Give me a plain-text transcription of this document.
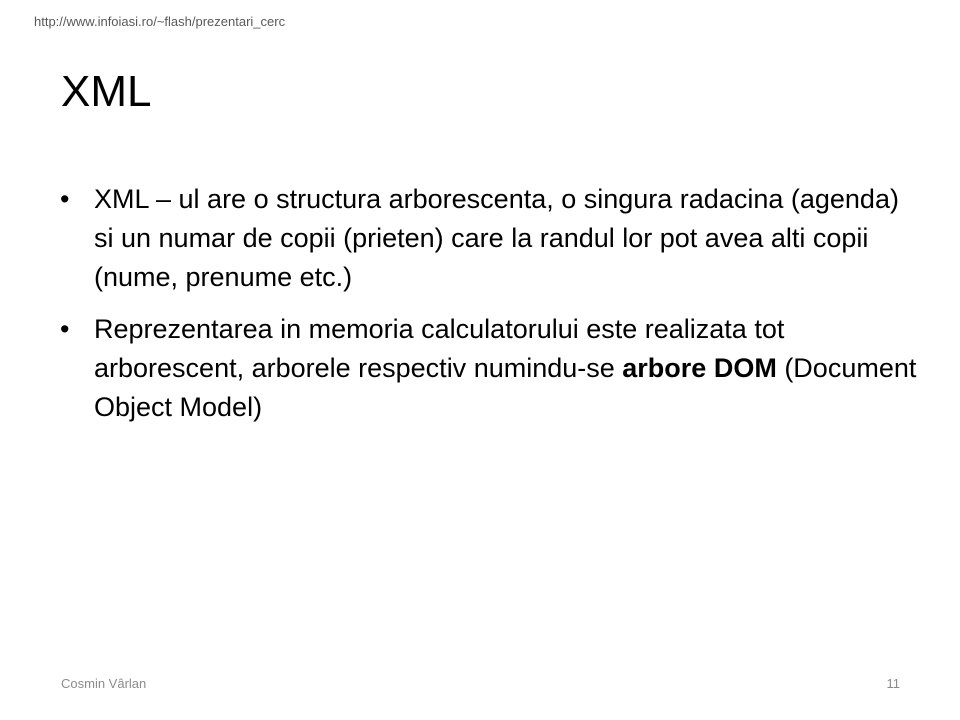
http://www.infoiasi.ro/~flash/prezentari_cerc
XML
• XML – ul are o structura arborescenta, o singura radacina (agenda) si un numar de copii (prieten) care la randul lor pot avea alti copii (nume, prenume etc.)
• Reprezentarea in memoria calculatorului este realizata tot arborescent, arborele respectiv numindu-se arbore DOM (Document Object Model)
Cosmin Vârlan	11
